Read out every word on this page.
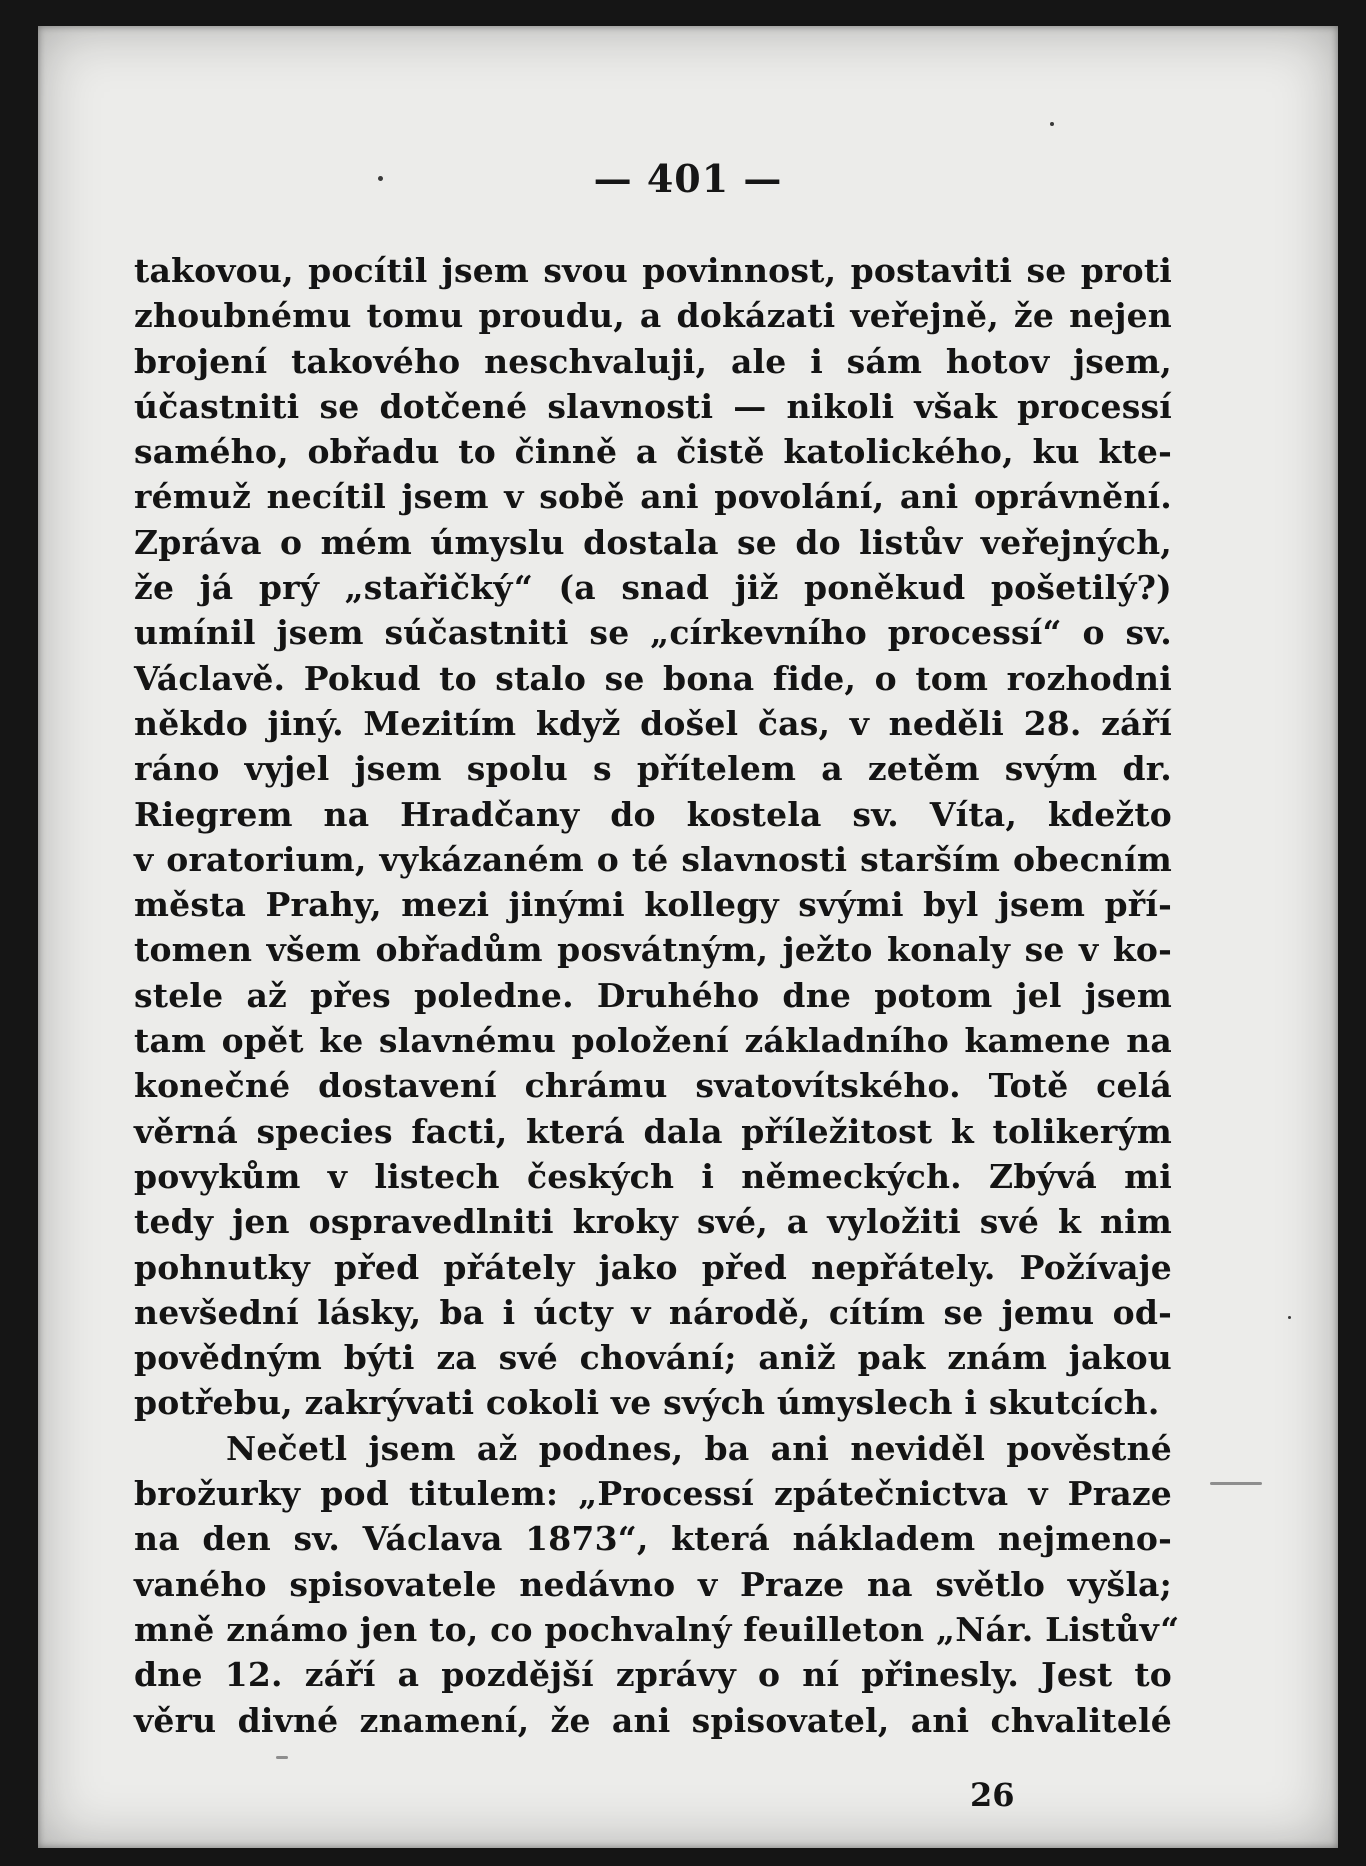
— 401 —
takovou, pocítil jsem svou povinnost, postaviti se proti
zhoubnému tomu proudu, a dokázati veřejně, že nejen
brojení takového neschvaluji, ale i sám hotov jsem,
účastniti se dotčené slavnosti — nikoli však processí
samého, obřadu to činně a čistě katolického, ku kte-
rémuž necítil jsem v sobě ani povolání, ani oprávnění.
Zpráva o mém úmyslu dostala se do listův veřejných,
že já prý „stařičký“ (a snad již poněkud pošetilý?)
umínil jsem súčastniti se „církevního processí“ o sv.
Václavě. Pokud to stalo se bona fide, o tom rozhodni
někdo jiný. Mezitím když došel čas, v neděli 28. září
ráno vyjel jsem spolu s přítelem a zetěm svým dr.
Riegrem na Hradčany do kostela sv. Víta, kdežto
v oratorium, vykázaném o té slavnosti starším obecním
města Prahy, mezi jinými kollegy svými byl jsem pří-
tomen všem obřadům posvátným, ježto konaly se v ko-
stele až přes poledne. Druhého dne potom jel jsem
tam opět ke slavnému položení základního kamene na
konečné dostavení chrámu svatovítského. Totě celá
věrná species facti, která dala příležitost k tolikerým
povykům v listech českých i německých. Zbývá mi
tedy jen ospravedlniti kroky své, a vyložiti své k nim
pohnutky před přátely jako před nepřátely. Požívaje
nevšední lásky, ba i úcty v národě, cítím se jemu od-
povědným býti za své chování; aniž pak znám jakou
potřebu, zakrývati cokoli ve svých úmyslech i skutcích.
Nečetl jsem až podnes, ba ani neviděl pověstné
brožurky pod titulem: „Processí zpátečnictva v Praze
na den sv. Václava 1873“, která nákladem nejmeno-
vaného spisovatele nedávno v Praze na světlo vyšla;
mně známo jen to, co pochvalný feuilleton „Nár. Listův“
dne 12. září a pozdější zprávy o ní přinesly. Jest to
věru divné znamení, že ani spisovatel, ani chvalitelé
26
